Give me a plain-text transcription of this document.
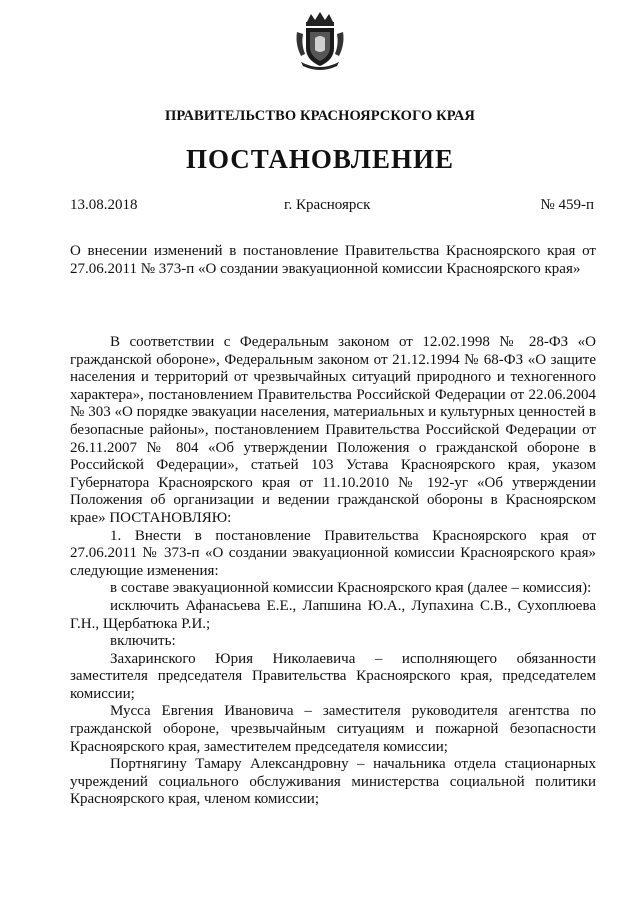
ПРАВИТЕЛЬСТВО КРАСНОЯРСКОГО КРАЯ
ПОСТАНОВЛЕНИЕ
13.08.2018	г. Красноярск	№ 459-п

О внесении изменений в постановление Правительства Красноярского края от 27.06.2011 № 373-п «О создании эвакуационной комиссии Красноярского края»

В соответствии с Федеральным законом от 12.02.1998 № 28-ФЗ «О гражданской обороне», Федеральным законом от 21.12.1994 № 68-ФЗ «О защите населения и территорий от чрезвычайных ситуаций природного и техногенного характера», постановлением Правительства Российской Федерации от 22.06.2004 № 303 «О порядке эвакуации населения, материальных и культурных ценностей в безопасные районы», постановлением Правительства Российской Федерации от 26.11.2007 № 804 «Об утверждении Положения о гражданской обороне в Российской Федерации», статьей 103 Устава Красноярского края, указом Губернатора Красноярского края от 11.10.2010 № 192-уг «Об утверждении Положения об организации и ведении гражданской обороны в Красноярском крае» ПОСТАНОВЛЯЮ:

1. Внести в постановление Правительства Красноярского края от 27.06.2011 № 373-п «О создании эвакуационной комиссии Красноярского края» следующие изменения:

в составе эвакуационной комиссии Красноярского края (далее – комиссия):

исключить Афанасьева Е.Е., Лапшина Ю.А., Лупахина С.В., Сухоплюева Г.Н., Щербатюка Р.И.;

включить:

Захаринского Юрия Николаевича – исполняющего обязанности заместителя председателя Правительства Красноярского края, председателем комиссии;

Мусса Евгения Ивановича – заместителя руководителя агентства по гражданской обороне, чрезвычайным ситуациям и пожарной безопасности Красноярского края, заместителем председателя комиссии;

Портнягину Тамару Александровну – начальника отдела стационарных учреждений социального обслуживания министерства социальной политики Красноярского края, членом комиссии;
